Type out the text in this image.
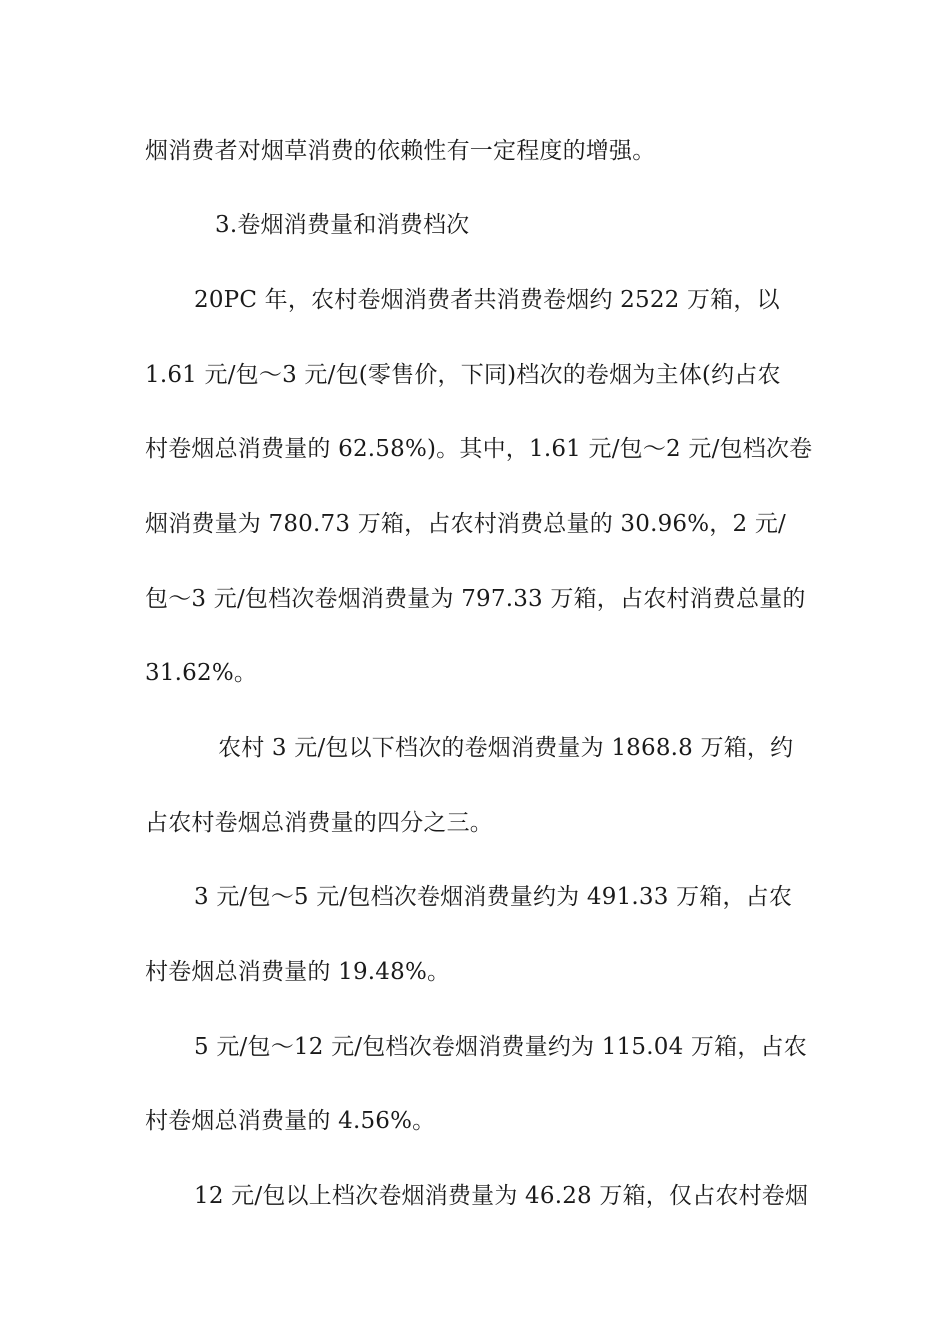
烟消费者对烟草消费的依赖性有一定程度的增强。
3.卷烟消费量和消费档次
20PC 年，农村卷烟消费者共消费卷烟约 2522 万箱，以
1.61 元/包～3 元/包(零售价，下同)档次的卷烟为主体(约占农
村卷烟总消费量的 62.58%)。其中，1.61 元/包～2 元/包档次卷
烟消费量为 780.73 万箱，占农村消费总量的 30.96%，2 元/
包～3 元/包档次卷烟消费量为 797.33 万箱，占农村消费总量的
31.62%。
农村 3 元/包以下档次的卷烟消费量为 1868.8 万箱，约
占农村卷烟总消费量的四分之三。
3 元/包～5 元/包档次卷烟消费量约为 491.33 万箱，占农
村卷烟总消费量的 19.48%。
5 元/包～12 元/包档次卷烟消费量约为 115.04 万箱，占农
村卷烟总消费量的 4.56%。
12 元/包以上档次卷烟消费量为 46.28 万箱，仅占农村卷烟
